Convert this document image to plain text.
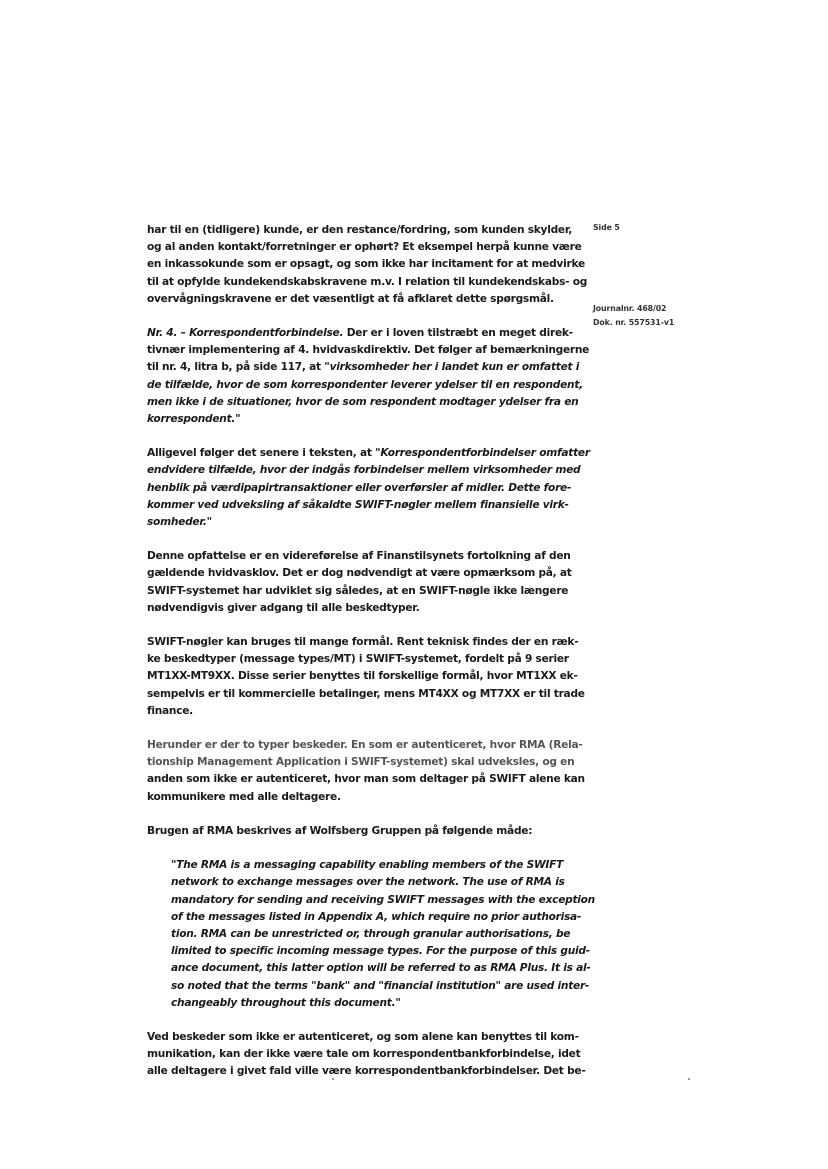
Side 5
Journalnr. 468/02
Dok. nr. 557531-v1

har til en (tidligere) kunde, er den restance/fordring, som kunden skylder,
og al anden kontakt/forretninger er ophørt? Et eksempel herpå kunne være
en inkassokunde som er opsagt, og som ikke har incitament for at medvirke
til at opfylde kundekendskabskravene m.v. I relation til kundekendskabs- og
overvågningskravene er det væsentligt at få afklaret dette spørgsmål.

Nr. 4. – Korrespondentforbindelse. Der er i loven tilstræbt en meget direk-
tivnær implementering af 4. hvidvaskdirektiv. Det følger af bemærkningerne
til nr. 4, litra b, på side 117, at "virksomheder her i landet kun er omfattet i
de tilfælde, hvor de som korrespondenter leverer ydelser til en respondent,
men ikke i de situationer, hvor de som respondent modtager ydelser fra en
korrespondent."

Alligevel følger det senere i teksten, at "Korrespondentforbindelser omfatter
endvidere tilfælde, hvor der indgås forbindelser mellem virksomheder med
henblik på værdipapirtransaktioner eller overførsler af midler. Dette fore-
kommer ved udveksling af såkaldte SWIFT-nøgler mellem finansielle virk-
somheder."

Denne opfattelse er en videreførelse af Finanstilsynets fortolkning af den
gældende hvidvasklov. Det er dog nødvendigt at være opmærksom på, at
SWIFT-systemet har udviklet sig således, at en SWIFT-nøgle ikke længere
nødvendigvis giver adgang til alle beskedtyper.

SWIFT-nøgler kan bruges til mange formål. Rent teknisk findes der en ræk-
ke beskedtyper (message types/MT) i SWIFT-systemet, fordelt på 9 serier
MT1XX-MT9XX. Disse serier benyttes til forskellige formål, hvor MT1XX ek-
sempelvis er til kommercielle betalinger, mens MT4XX og MT7XX er til trade
finance.

Herunder er der to typer beskeder. En som er autenticeret, hvor RMA (Rela-
tionship Management Application i SWIFT-systemet) skal udveksles, og en
anden som ikke er autenticeret, hvor man som deltager på SWIFT alene kan
kommunikere med alle deltagere.

Brugen af RMA beskrives af Wolfsberg Gruppen på følgende måde:

"The RMA is a messaging capability enabling members of the SWIFT
network to exchange messages over the network. The use of RMA is
mandatory for sending and receiving SWIFT messages with the exception
of the messages listed in Appendix A, which require no prior authorisa-
tion. RMA can be unrestricted or, through granular authorisations, be
limited to specific incoming message types. For the purpose of this guid-
ance document, this latter option will be referred to as RMA Plus. It is al-
so noted that the terms "bank" and "financial institution" are used inter-
changeably throughout this document."

Ved beskeder som ikke er autenticeret, og som alene kan benyttes til kom-
munikation, kan der ikke være tale om korrespondentbankforbindelse, idet
alle deltagere i givet fald ville være korrespondentbankforbindelser. Det be-
